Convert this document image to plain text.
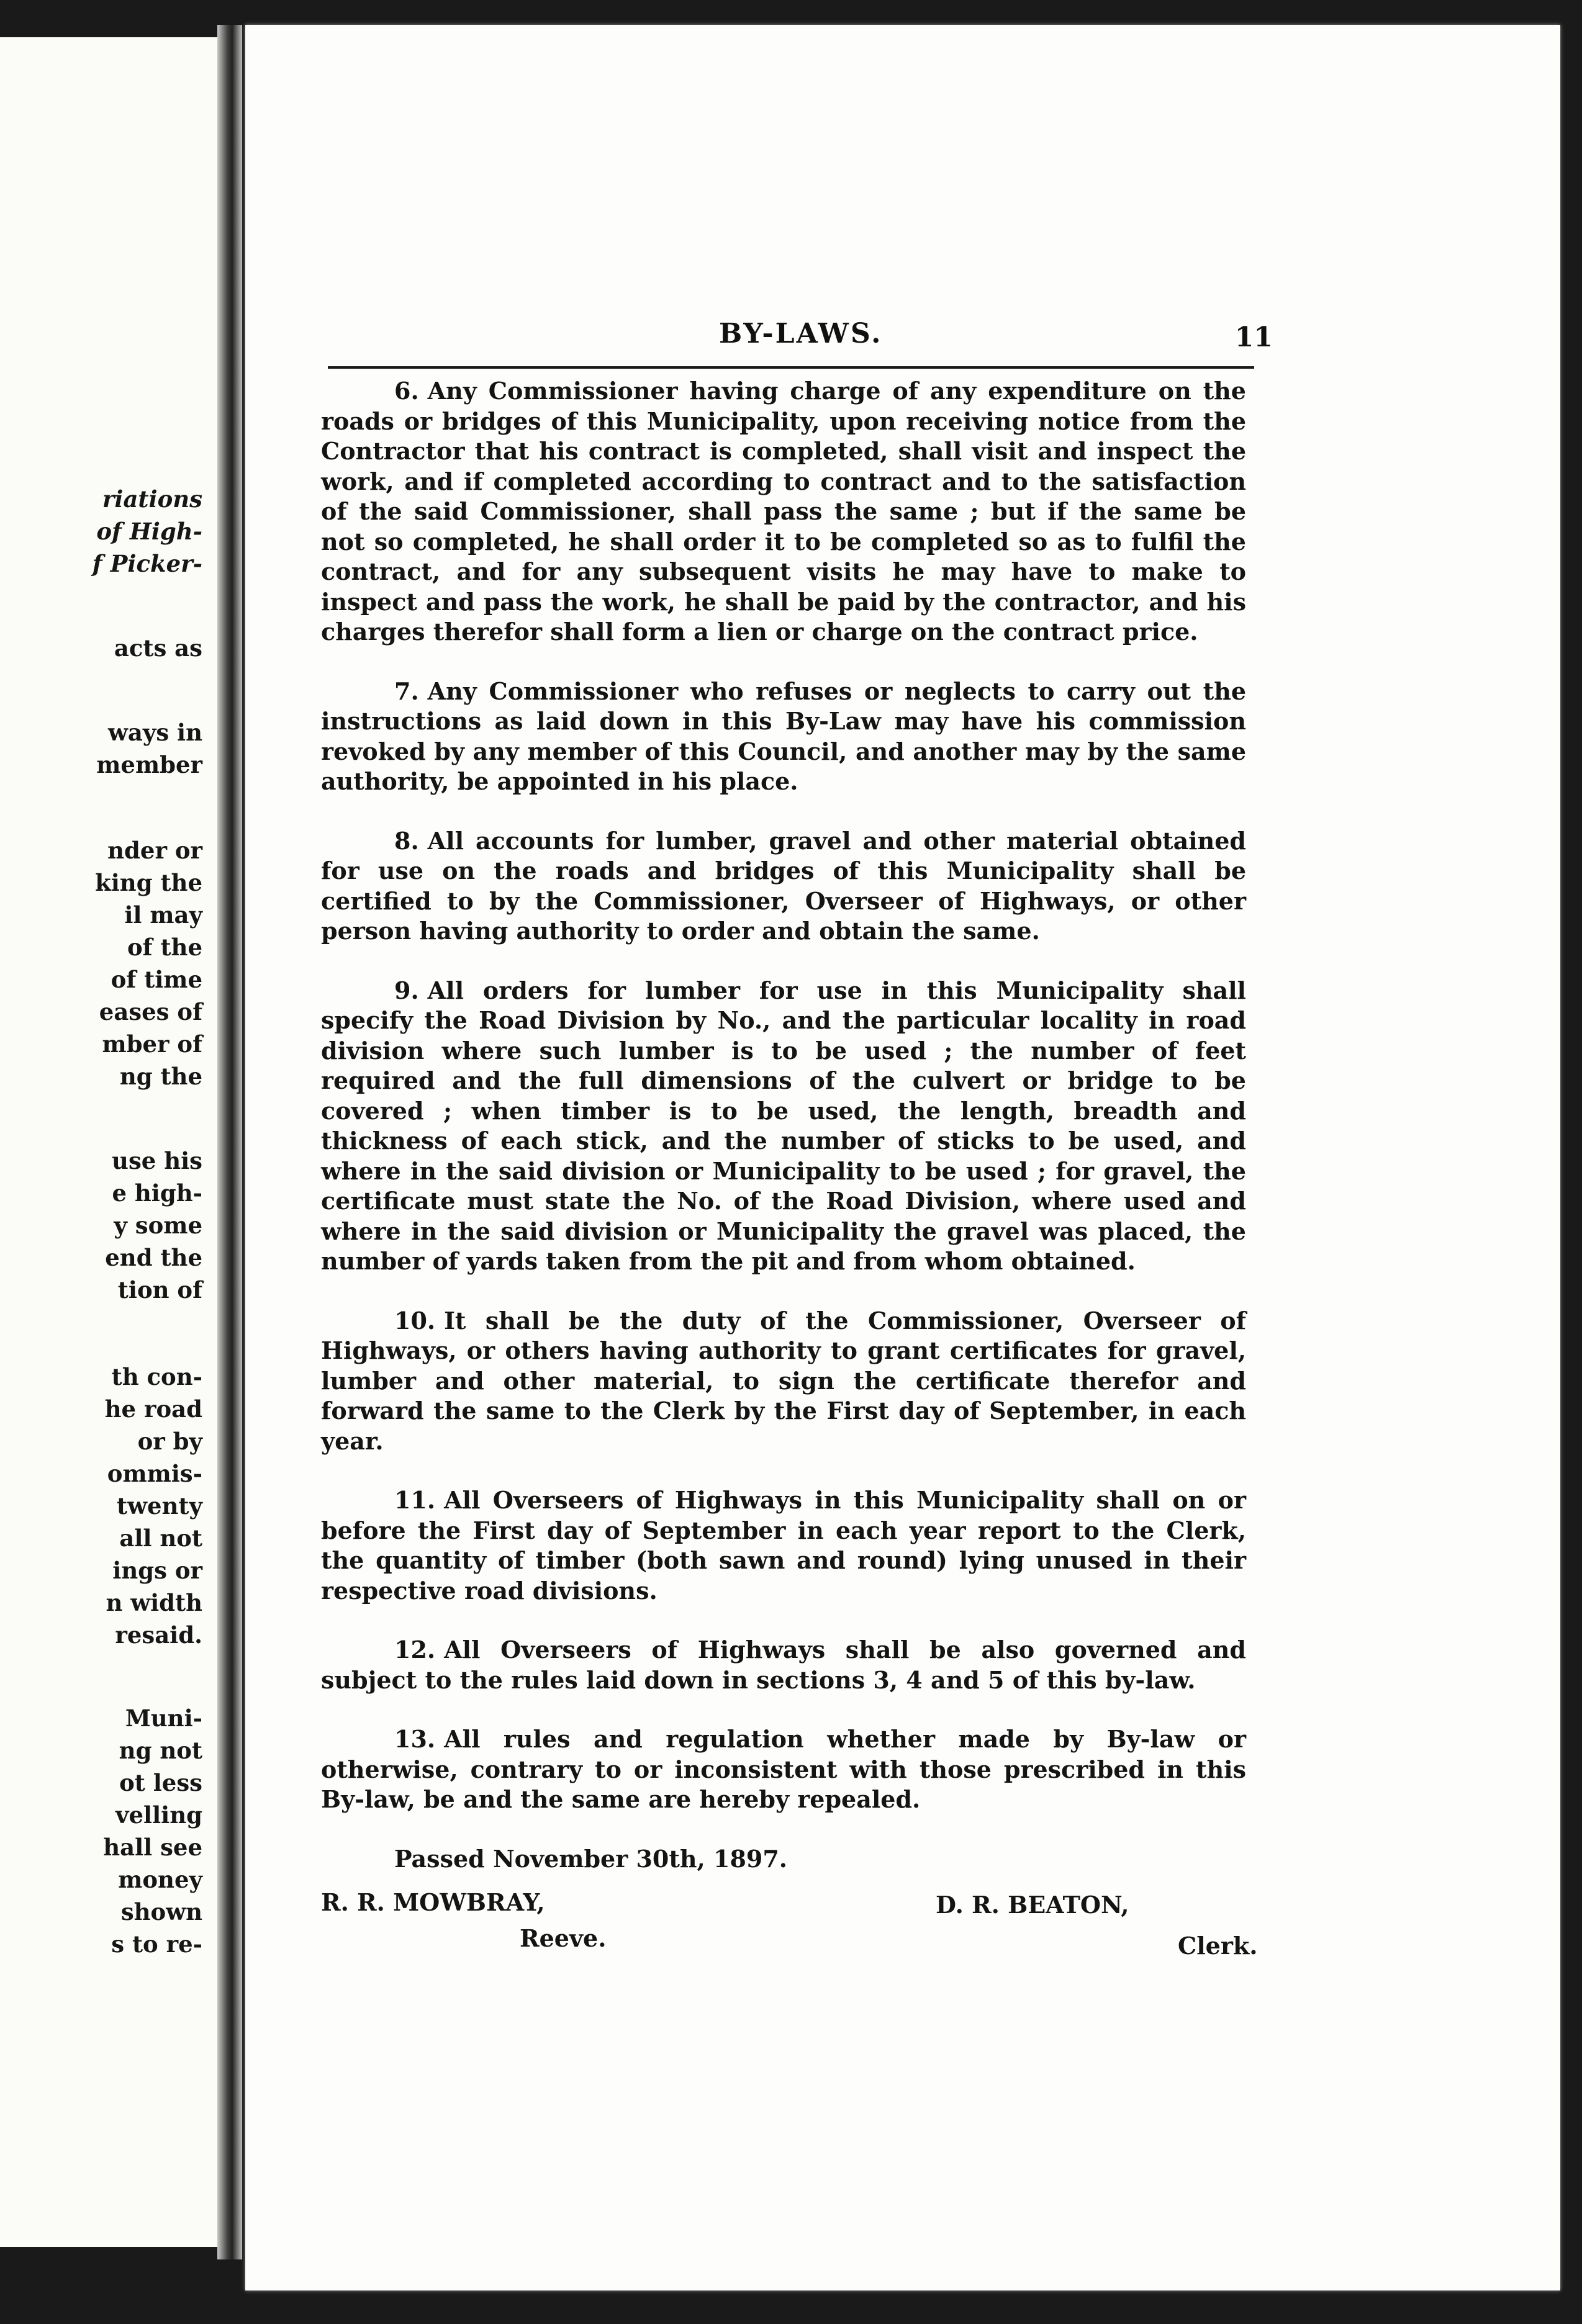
riations
of High-
f Picker-
acts as
ways in
member
nder or
king the
il may
of the
of time
eases of
mber of
ng the
use his
e high-
y some
end the
tion of
th con-
he road
or by
ommis-
twenty
all not
ings or
n width
resaid.
Muni-
ng not
ot less
velling
hall see
money
shown
s to re-
BY-LAWS.	11

6. Any Commissioner having charge of any expenditure on the roads or bridges of this Municipality, upon receiving notice from the Contractor that his contract is completed, shall visit and inspect the work, and if completed according to contract and to the satisfaction of the said Commissioner, shall pass the same ; but if the same be not so completed, he shall order it to be completed so as to fulfil the contract, and for any subsequent visits he may have to make to inspect and pass the work, he shall be paid by the contractor, and his charges therefor shall form a lien or charge on the contract price.

7. Any Commissioner who refuses or neglects to carry out the instructions as laid down in this By-Law may have his commission revoked by any member of this Council, and another may by the same authority, be appointed in his place.

8. All accounts for lumber, gravel and other material obtained for use on the roads and bridges of this Municipality shall be certified to by the Commissioner, Overseer of Highways, or other person having authority to order and obtain the same.

9. All orders for lumber for use in this Municipality shall specify the Road Division by No., and the particular locality in road division where such lumber is to be used ; the number of feet required and the full dimensions of the culvert or bridge to be covered ; when timber is to be used, the length, breadth and thickness of each stick, and the number of sticks to be used, and where in the said division or Municipality to be used ; for gravel, the certificate must state the No. of the Road Division, where used and where in the said division or Municipality the gravel was placed, the number of yards taken from the pit and from whom obtained.

10. It shall be the duty of the Commissioner, Overseer of Highways, or others having authority to grant certificates for gravel, lumber and other material, to sign the certificate therefor and forward the same to the Clerk by the First day of September, in each year.

11. All Overseers of Highways in this Municipality shall on or before the First day of September in each year report to the Clerk, the quantity of timber (both sawn and round) lying unused in their respective road divisions.

12. All Overseers of Highways shall be also governed and subject to the rules laid down in sections 3, 4 and 5 of this by-law.

13. All rules and regulation whether made by By-law or otherwise, contrary to or inconsistent with those prescribed in this By-law, be and the same are hereby repealed.

Passed November 30th, 1897.

R. R. MOWBRAY,
Reeve.
D. R. BEATON,
Clerk.
